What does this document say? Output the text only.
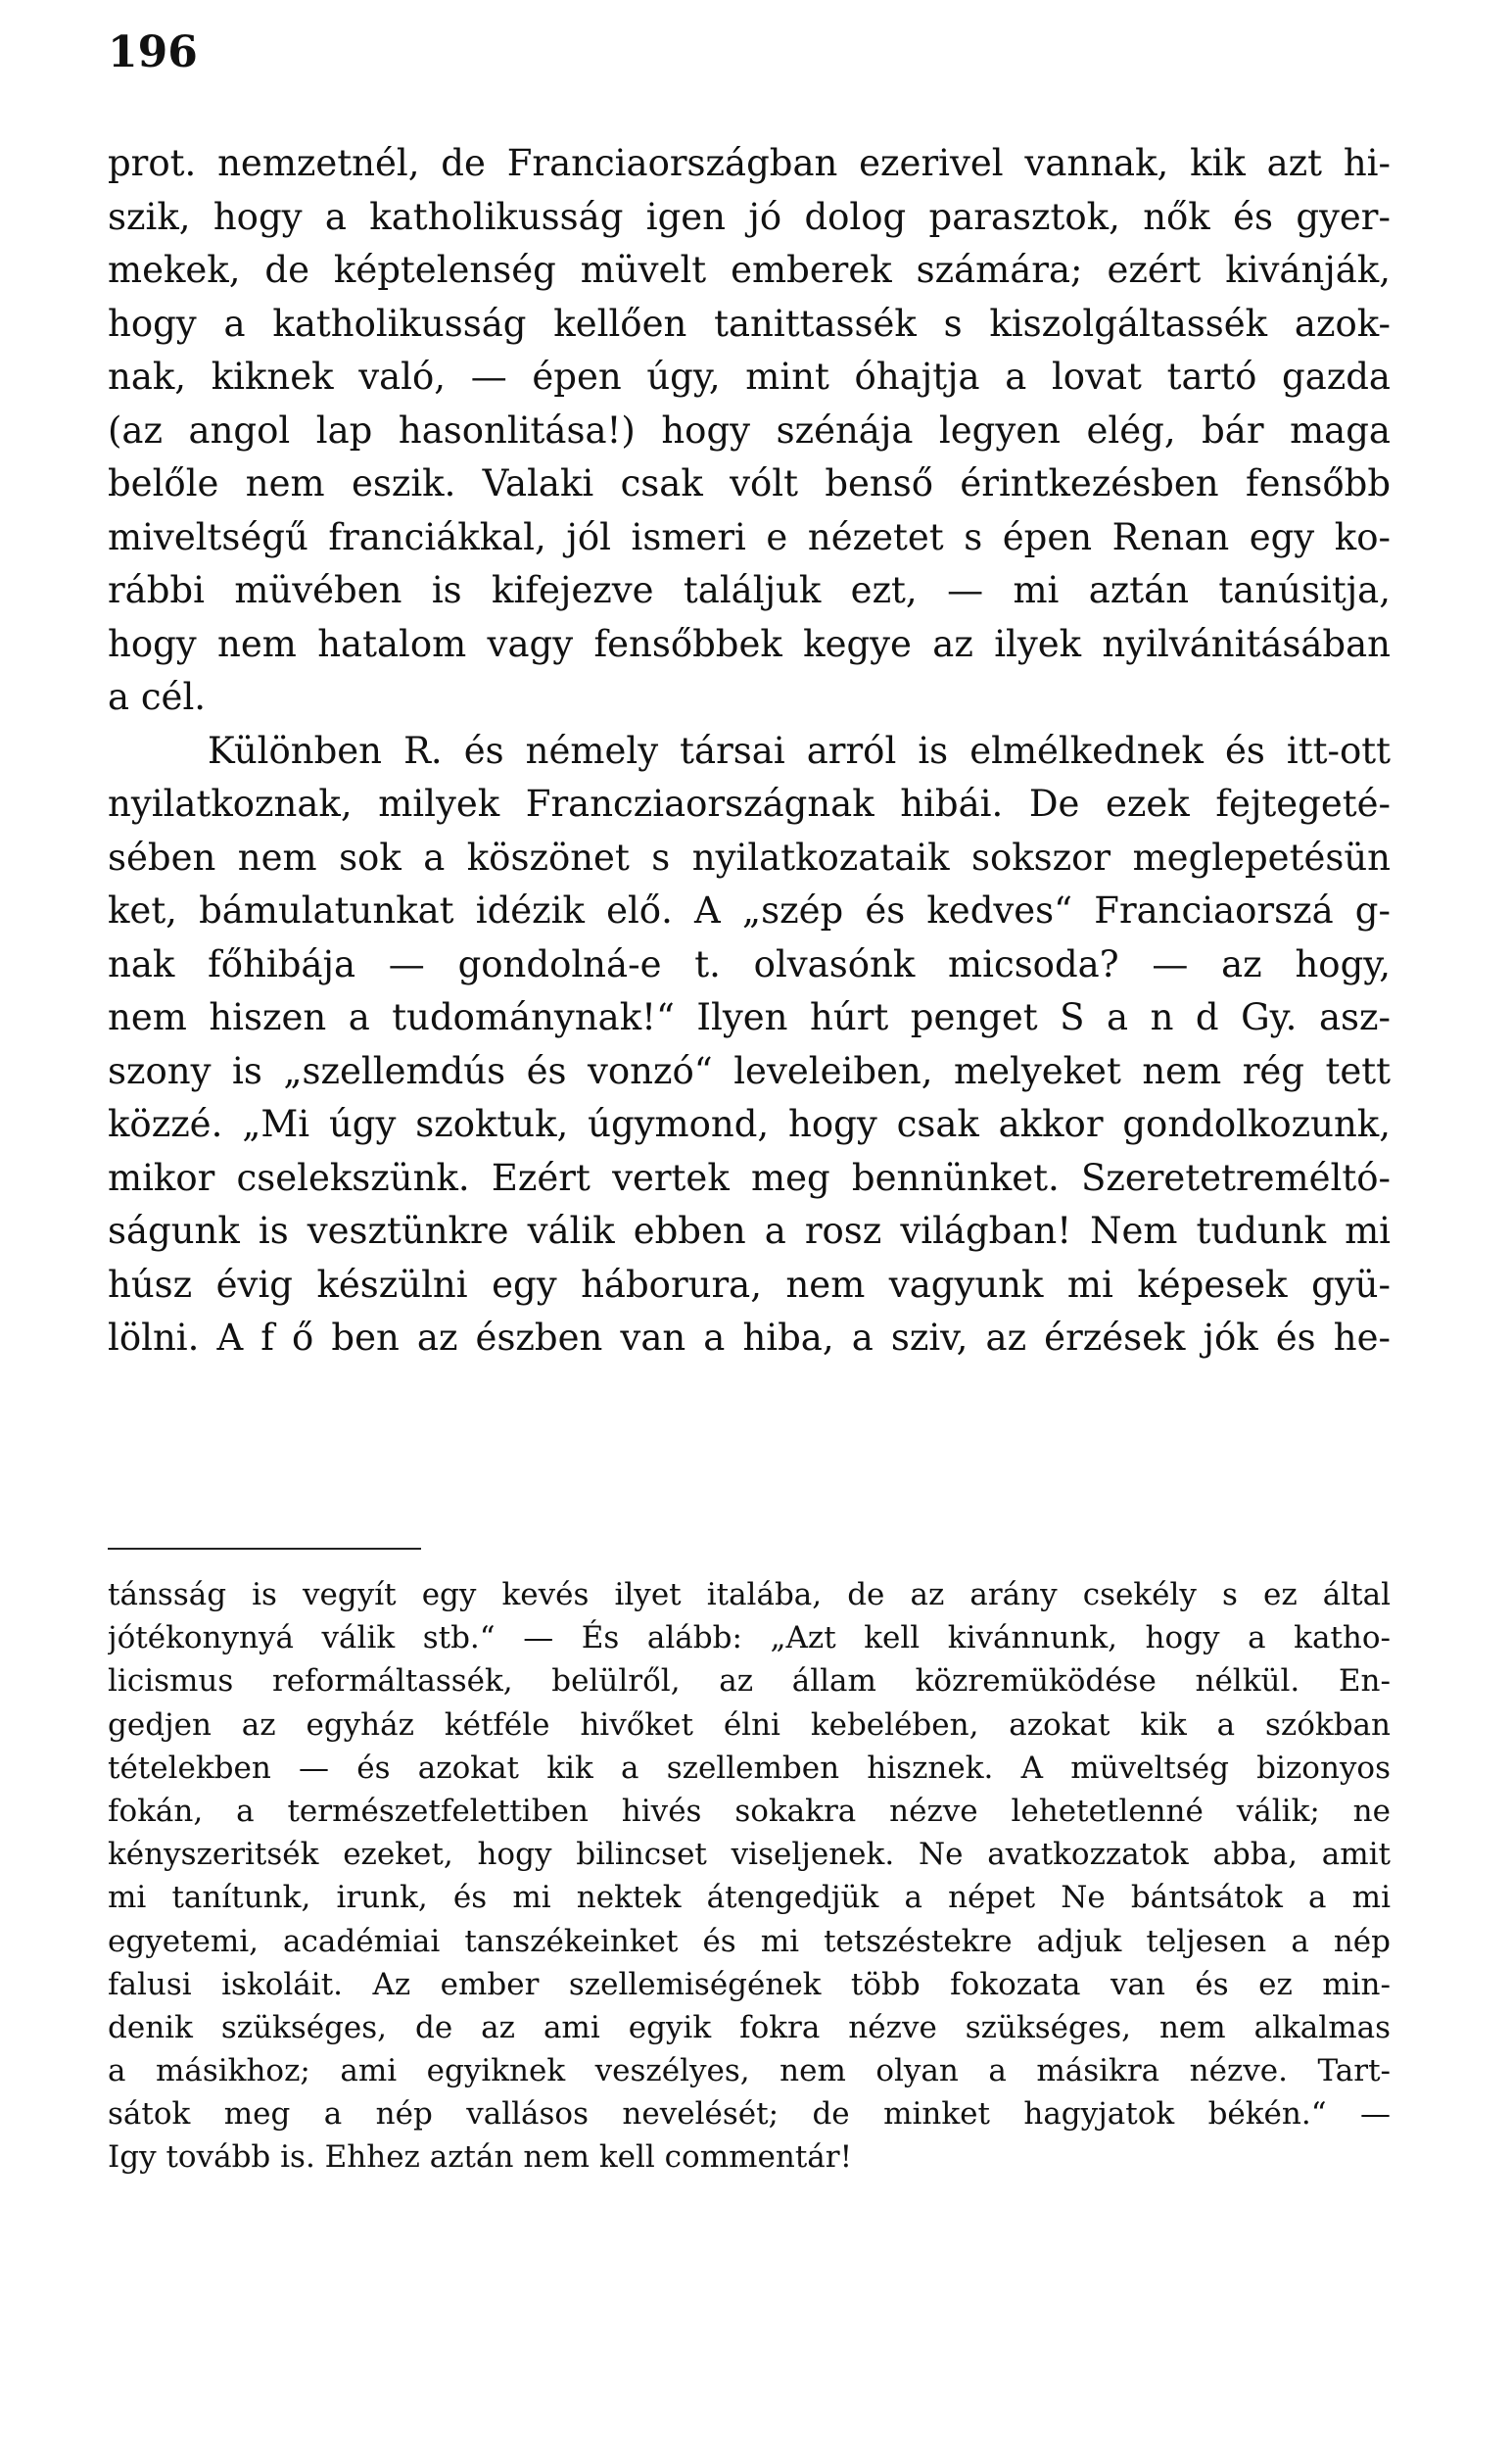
196
prot. nemzetnél, de Franciaországban ezerivel vannak, kik azt hi-
szik, hogy a katholikusság igen jó dolog parasztok, nők és gyer-
mekek, de képtelenség müvelt emberek számára; ezért kivánják,
hogy a katholikusság kellően tanittassék s kiszolgáltassék azok-
nak, kiknek való, — épen úgy, mint óhajtja a lovat tartó gazda
(az angol lap hasonlitása!) hogy szénája legyen elég, bár maga
belőle nem eszik. Valaki csak vólt benső érintkezésben fensőbb
miveltségű franciákkal, jól ismeri e nézetet s épen Renan egy ko-
rábbi müvében is kifejezve találjuk ezt, — mi aztán tanúsitja,
hogy nem hatalom vagy fensőbbek kegye az ilyek nyilvánitásában
a cél.
Különben R. és némely társai arról is elmélkednek és itt-ott
nyilatkoznak, milyek Francziaországnak hibái. De ezek fejtegeté-
sében nem sok a köszönet s nyilatkozataik sokszor meglepetésün
ket, bámulatunkat idézik elő. A „szép és kedves“ Franciaorszá g-
nak főhibája — gondolná-e t. olvasónk micsoda? — az hogy,
nem hiszen a tudománynak!“ Ilyen húrt penget S a n d Gy. asz-
szony is „szellemdús és vonzó“ leveleiben, melyeket nem rég tett
közzé. „Mi úgy szoktuk, úgymond, hogy csak akkor gondolkozunk,
mikor cselekszünk. Ezért vertek meg bennünket. Szeretetreméltó-
ságunk is vesztünkre válik ebben a rosz világban! Nem tudunk mi
húsz évig készülni egy háborura, nem vagyunk mi képesek gyü-
lölni. A f ő ben az észben van a hiba, a sziv, az érzések jók és he-
tánsság is vegyít egy kevés ilyet italába, de az arány csekély s ez által
jótékonynyá válik stb.“ — És alább: „Azt kell kivánnunk, hogy a katho-
licismus reformáltassék, belülről, az állam közremüködése nélkül. En-
gedjen az egyház kétféle hivőket élni kebelében, azokat kik a szókban
tételekben — és azokat kik a szellemben hisznek. A müveltség bizonyos
fokán, a természetfelettiben hivés sokakra nézve lehetetlenné válik; ne
kényszeritsék ezeket, hogy bilincset viseljenek. Ne avatkozzatok abba, amit
mi tanítunk, irunk, és mi nektek átengedjük a népet Ne bántsátok a mi
egyetemi, académiai tanszékeinket és mi tetszéstekre adjuk teljesen a nép
falusi iskoláit. Az ember szellemiségének több fokozata van és ez min-
denik szükséges, de az ami egyik fokra nézve szükséges, nem alkalmas
a másikhoz; ami egyiknek veszélyes, nem olyan a másikra nézve. Tart-
sátok meg a nép vallásos nevelését; de minket hagyjatok békén.“ —
Igy tovább is. Ehhez aztán nem kell commentár!
